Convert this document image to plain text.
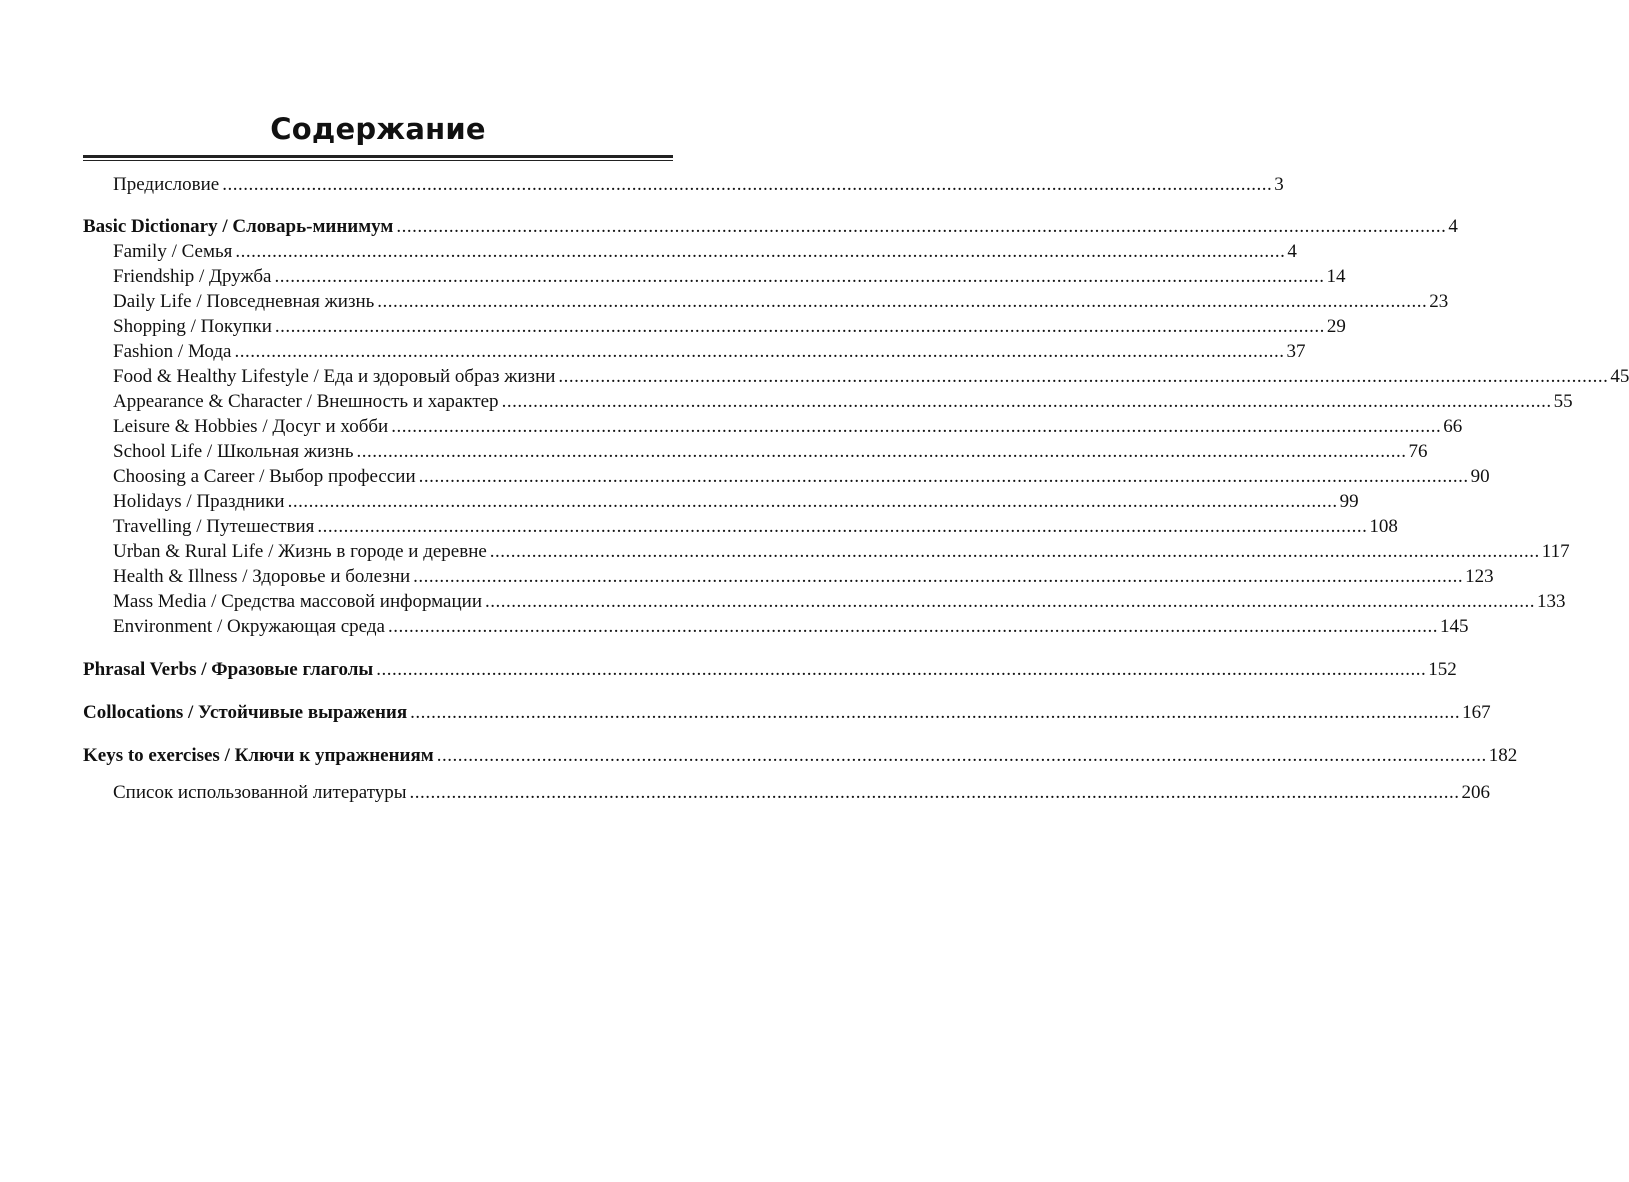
Содержание
Предисловие ........................................................................................................................................................................................................ 3
Basic Dictionary / Словарь-минимум ........................................................................................................................................................................................................ 4
Family / Семья ........................................................................................................................................................................................................ 4
Friendship / Дружба ........................................................................................................................................................................................................ 14
Daily Life / Повседневная жизнь ........................................................................................................................................................................................................ 23
Shopping / Покупки ........................................................................................................................................................................................................ 29
Fashion / Мода ........................................................................................................................................................................................................ 37
Food & Healthy Lifestyle / Еда и здоровый образ жизни ........................................................................................................................................................................................................ 45
Appearance & Character / Внешность и характер ........................................................................................................................................................................................................ 55
Leisure & Hobbies / Досуг и хобби ........................................................................................................................................................................................................ 66
School Life / Школьная жизнь ........................................................................................................................................................................................................ 76
Choosing a Career / Выбор профессии ........................................................................................................................................................................................................ 90
Holidays / Праздники ........................................................................................................................................................................................................ 99
Travelling / Путешествия ........................................................................................................................................................................................................ 108
Urban & Rural Life / Жизнь в городе и деревне ........................................................................................................................................................................................................ 117
Health & Illness / Здоровье и болезни ........................................................................................................................................................................................................ 123
Mass Media / Средства массовой информации ........................................................................................................................................................................................................ 133
Environment / Окружающая среда ........................................................................................................................................................................................................ 145
Phrasal Verbs / Фразовые глаголы ........................................................................................................................................................................................................ 152
Collocations / Устойчивые выражения ........................................................................................................................................................................................................ 167
Keys to exercises / Ключи к упражнениям ........................................................................................................................................................................................................ 182
Список использованной литературы ........................................................................................................................................................................................................ 206
